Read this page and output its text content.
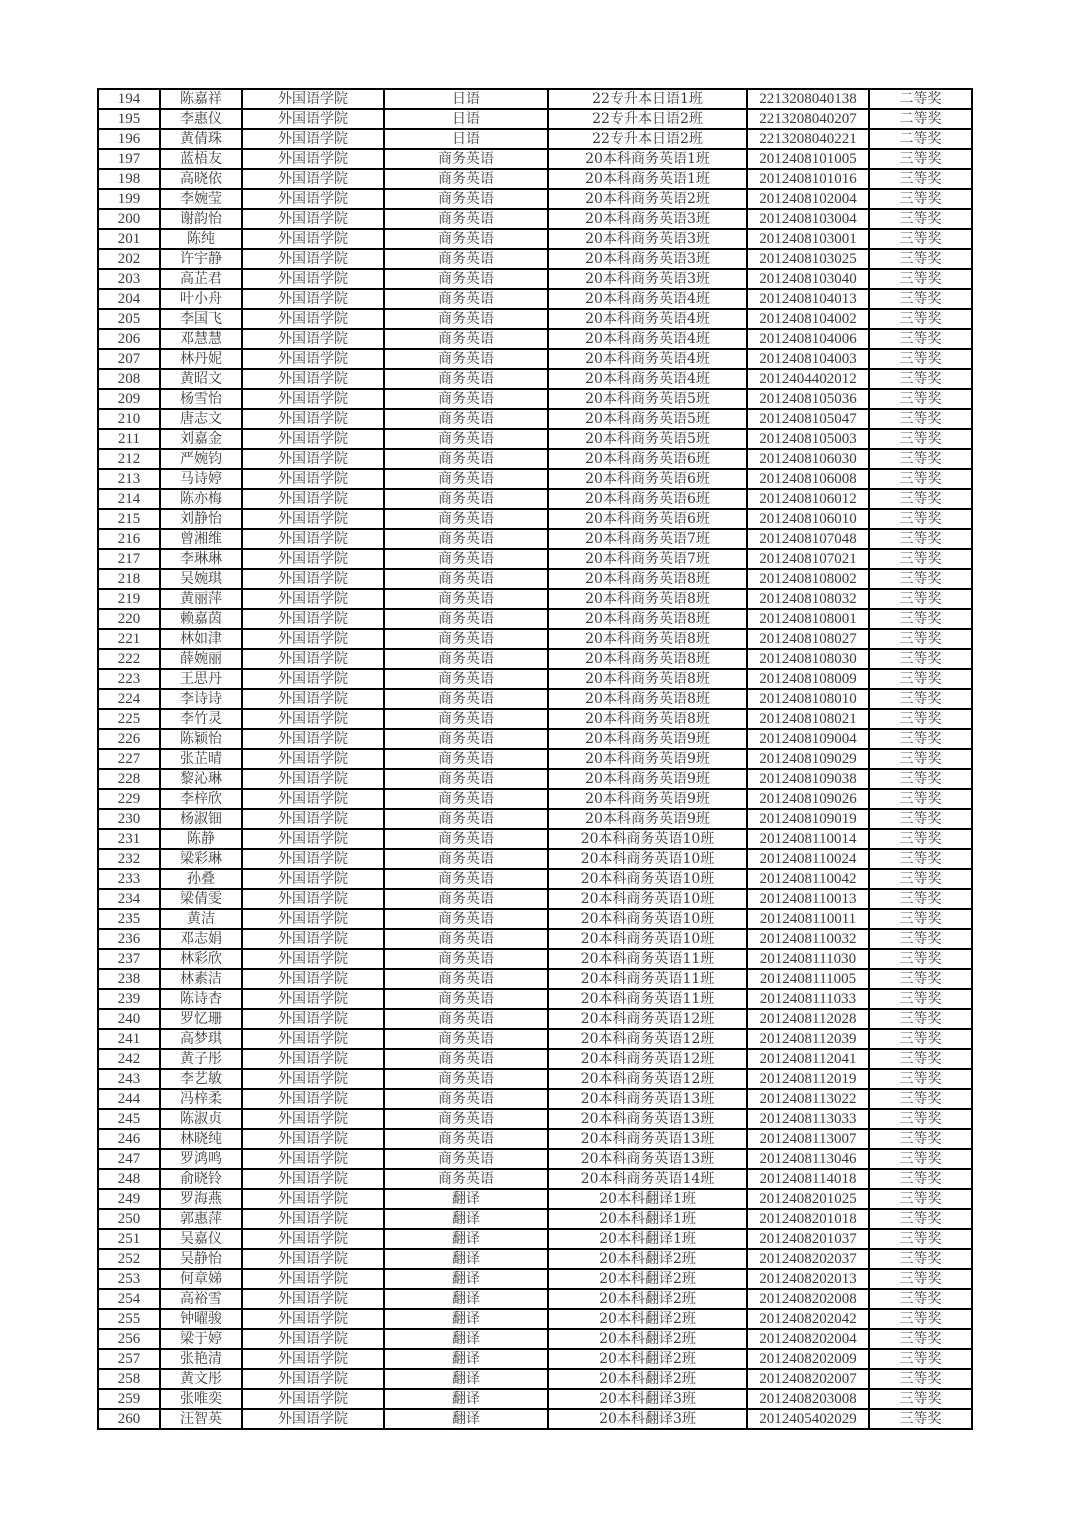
194	陈嘉祥	外国语学院	日语	22专升本日语1班	2213208040138	二等奖
195	李惠仪	外国语学院	日语	22专升本日语2班	2213208040207	二等奖
196	黄倩珠	外国语学院	日语	22专升本日语2班	2213208040221	二等奖
197	蓝梧友	外国语学院	商务英语	20本科商务英语1班	2012408101005	三等奖
198	高晓依	外国语学院	商务英语	20本科商务英语1班	2012408101016	三等奖
199	李婉莹	外国语学院	商务英语	20本科商务英语2班	2012408102004	三等奖
200	谢韵怡	外国语学院	商务英语	20本科商务英语3班	2012408103004	三等奖
201	陈纯	外国语学院	商务英语	20本科商务英语3班	2012408103001	三等奖
202	许宇静	外国语学院	商务英语	20本科商务英语3班	2012408103025	三等奖
203	高芷君	外国语学院	商务英语	20本科商务英语3班	2012408103040	三等奖
204	叶小舟	外国语学院	商务英语	20本科商务英语4班	2012408104013	三等奖
205	李国飞	外国语学院	商务英语	20本科商务英语4班	2012408104002	三等奖
206	邓慧慧	外国语学院	商务英语	20本科商务英语4班	2012408104006	三等奖
207	林丹妮	外国语学院	商务英语	20本科商务英语4班	2012408104003	三等奖
208	黄昭文	外国语学院	商务英语	20本科商务英语4班	2012404402012	三等奖
209	杨雪怡	外国语学院	商务英语	20本科商务英语5班	2012408105036	三等奖
210	唐志文	外国语学院	商务英语	20本科商务英语5班	2012408105047	三等奖
211	刘嘉金	外国语学院	商务英语	20本科商务英语5班	2012408105003	三等奖
212	严婉钧	外国语学院	商务英语	20本科商务英语6班	2012408106030	三等奖
213	马诗婷	外国语学院	商务英语	20本科商务英语6班	2012408106008	三等奖
214	陈亦梅	外国语学院	商务英语	20本科商务英语6班	2012408106012	三等奖
215	刘静怡	外国语学院	商务英语	20本科商务英语6班	2012408106010	三等奖
216	曾湘维	外国语学院	商务英语	20本科商务英语7班	2012408107048	三等奖
217	李琳琳	外国语学院	商务英语	20本科商务英语7班	2012408107021	三等奖
218	吴婉琪	外国语学院	商务英语	20本科商务英语8班	2012408108002	三等奖
219	黄丽萍	外国语学院	商务英语	20本科商务英语8班	2012408108032	三等奖
220	赖嘉茵	外国语学院	商务英语	20本科商务英语8班	2012408108001	三等奖
221	林如津	外国语学院	商务英语	20本科商务英语8班	2012408108027	三等奖
222	薛婉丽	外国语学院	商务英语	20本科商务英语8班	2012408108030	三等奖
223	王思丹	外国语学院	商务英语	20本科商务英语8班	2012408108009	三等奖
224	李诗诗	外国语学院	商务英语	20本科商务英语8班	2012408108010	三等奖
225	李竹灵	外国语学院	商务英语	20本科商务英语8班	2012408108021	三等奖
226	陈颖怡	外国语学院	商务英语	20本科商务英语9班	2012408109004	三等奖
227	张芷晴	外国语学院	商务英语	20本科商务英语9班	2012408109029	三等奖
228	黎沁琳	外国语学院	商务英语	20本科商务英语9班	2012408109038	三等奖
229	李梓欣	外国语学院	商务英语	20本科商务英语9班	2012408109026	三等奖
230	杨淑钿	外国语学院	商务英语	20本科商务英语9班	2012408109019	三等奖
231	陈静	外国语学院	商务英语	20本科商务英语10班	2012408110014	三等奖
232	梁彩琳	外国语学院	商务英语	20本科商务英语10班	2012408110024	三等奖
233	孙叠	外国语学院	商务英语	20本科商务英语10班	2012408110042	三等奖
234	梁倩雯	外国语学院	商务英语	20本科商务英语10班	2012408110013	三等奖
235	黄洁	外国语学院	商务英语	20本科商务英语10班	2012408110011	三等奖
236	邓志娟	外国语学院	商务英语	20本科商务英语10班	2012408110032	三等奖
237	林彩欣	外国语学院	商务英语	20本科商务英语11班	2012408111030	三等奖
238	林素洁	外国语学院	商务英语	20本科商务英语11班	2012408111005	三等奖
239	陈诗杏	外国语学院	商务英语	20本科商务英语11班	2012408111033	三等奖
240	罗忆珊	外国语学院	商务英语	20本科商务英语12班	2012408112028	三等奖
241	高梦琪	外国语学院	商务英语	20本科商务英语12班	2012408112039	三等奖
242	黄子彤	外国语学院	商务英语	20本科商务英语12班	2012408112041	三等奖
243	李艺敏	外国语学院	商务英语	20本科商务英语12班	2012408112019	三等奖
244	冯梓柔	外国语学院	商务英语	20本科商务英语13班	2012408113022	三等奖
245	陈淑贞	外国语学院	商务英语	20本科商务英语13班	2012408113033	三等奖
246	林晓纯	外国语学院	商务英语	20本科商务英语13班	2012408113007	三等奖
247	罗鸿鸣	外国语学院	商务英语	20本科商务英语13班	2012408113046	三等奖
248	俞晓铃	外国语学院	商务英语	20本科商务英语14班	2012408114018	三等奖
249	罗海燕	外国语学院	翻译	20本科翻译1班	2012408201025	三等奖
250	郭惠萍	外国语学院	翻译	20本科翻译1班	2012408201018	三等奖
251	吴嘉仪	外国语学院	翻译	20本科翻译1班	2012408201037	三等奖
252	吴静怡	外国语学院	翻译	20本科翻译2班	2012408202037	三等奖
253	何章娣	外国语学院	翻译	20本科翻译2班	2012408202013	三等奖
254	高裕雪	外国语学院	翻译	20本科翻译2班	2012408202008	三等奖
255	钟曜骏	外国语学院	翻译	20本科翻译2班	2012408202042	三等奖
256	梁于婷	外国语学院	翻译	20本科翻译2班	2012408202004	三等奖
257	张艳清	外国语学院	翻译	20本科翻译2班	2012408202009	三等奖
258	黄文彤	外国语学院	翻译	20本科翻译2班	2012408202007	三等奖
259	张唯奕	外国语学院	翻译	20本科翻译3班	2012408203008	三等奖
260	汪智英	外国语学院	翻译	20本科翻译3班	2012405402029	三等奖
